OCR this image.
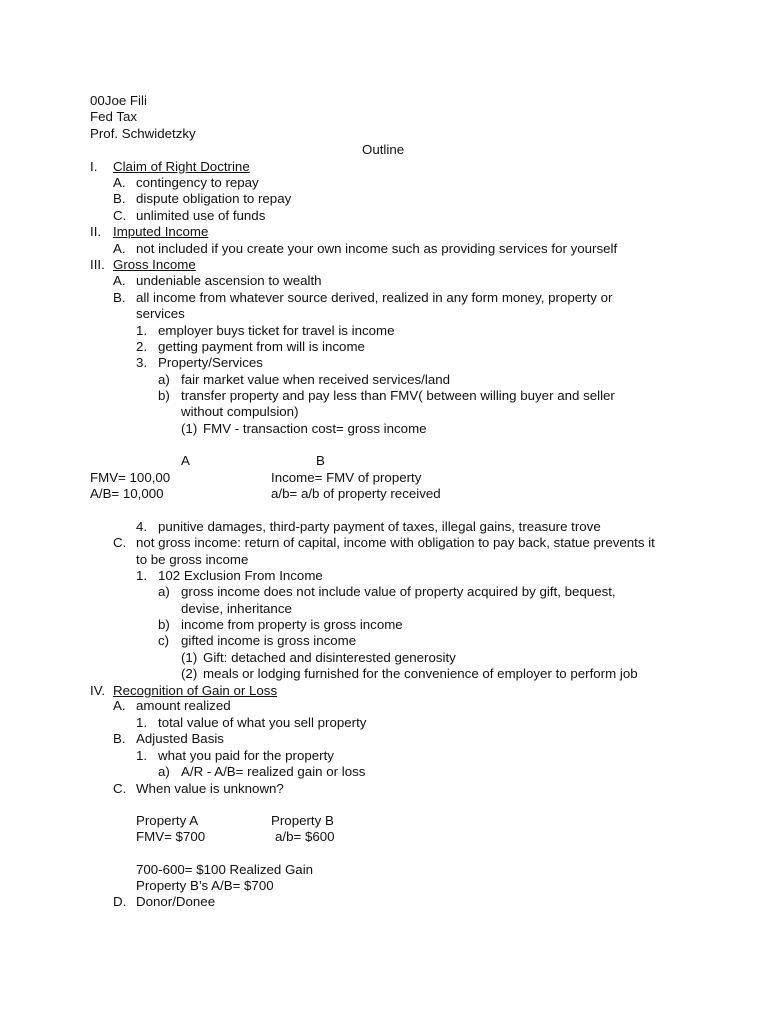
00Joe Fili
Fed Tax
Prof. Schwidetzky
Outline
I. Claim of Right Doctrine
A. contingency to repay
B. dispute obligation to repay
C. unlimited use of funds
II. Imputed Income
A. not included if you create your own income such as providing services for yourself
III. Gross Income
A. undeniable ascension to wealth
B. all income from whatever source derived, realized in any form money, property or
services
1. employer buys ticket for travel is income
2. getting payment from will is income
3. Property/Services
a) fair market value when received services/land
b) transfer property and pay less than FMV( between willing buyer and seller
without compulsion)
(1) FMV - transaction cost= gross income
A	B
FMV= 100,00	Income= FMV of property
A/B= 10,000	a/b= a/b of property received
4. punitive damages, third-party payment of taxes, illegal gains, treasure trove
C. not gross income: return of capital, income with obligation to pay back, statue prevents it
to be gross income
1. 102 Exclusion From Income
a) gross income does not include value of property acquired by gift, bequest,
devise, inheritance
b) income from property is gross income
c) gifted income is gross income
(1) Gift: detached and disinterested generosity
(2) meals or lodging furnished for the convenience of employer to perform job
IV. Recognition of Gain or Loss
A. amount realized
1. total value of what you sell property
B. Adjusted Basis
1. what you paid for the property
a) A/R - A/B= realized gain or loss
C. When value is unknown?
Property A	Property B
FMV= $700	a/b= $600
700-600= $100 Realized Gain
Property B’s A/B= $700
D. Donor/Donee
